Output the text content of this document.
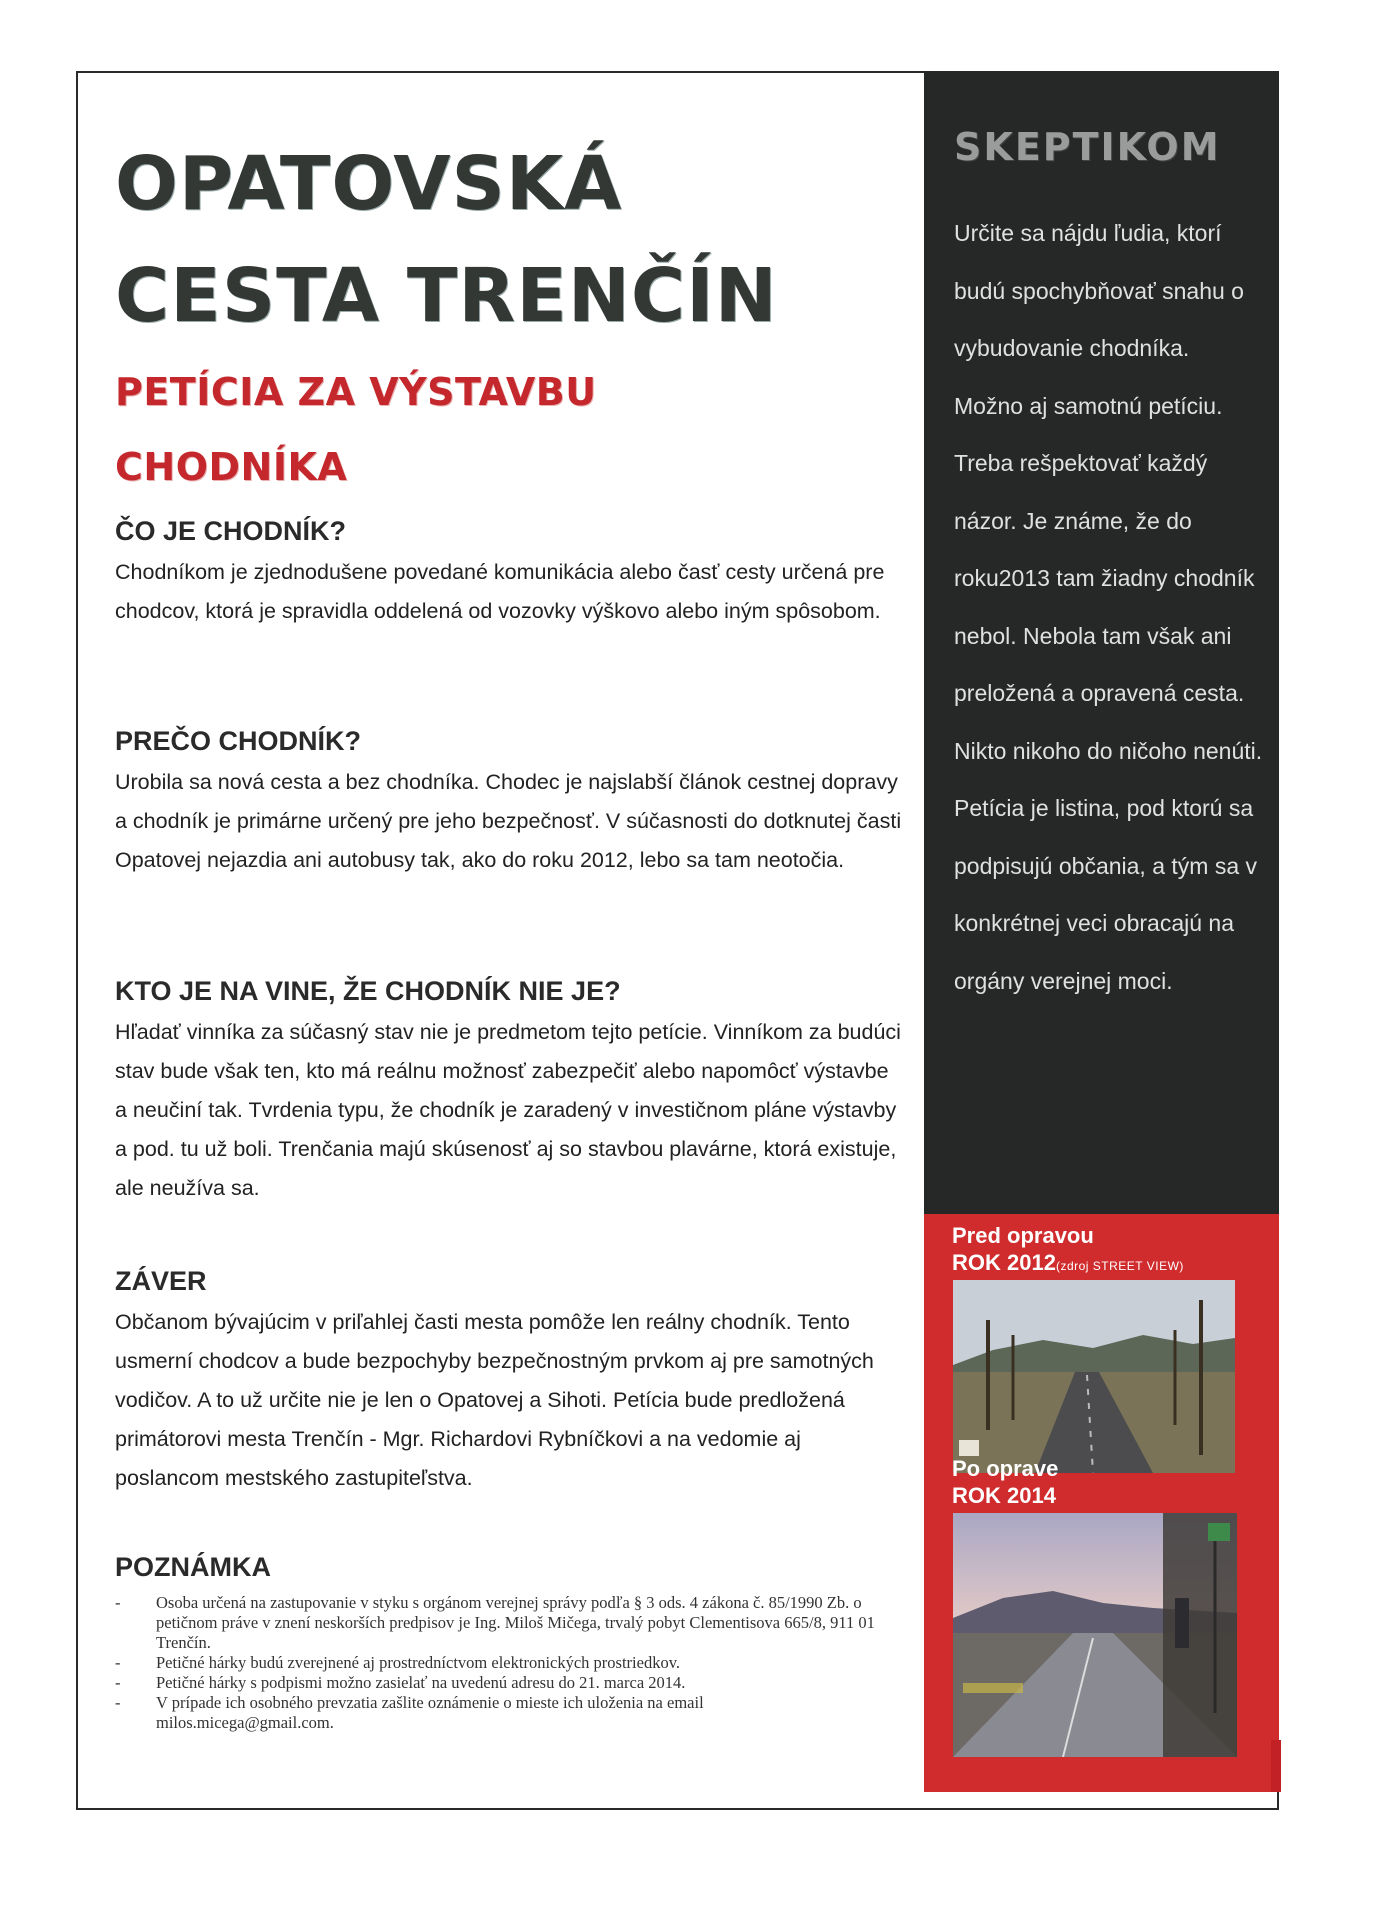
OPATOVSKÁ
CESTA TRENČÍN
PETÍCIA ZA VÝSTAVBU
CHODNÍKA
ČO JE CHODNÍK?

Chodníkom je zjednodušene povedané komunikácia alebo časť cesty určená pre chodcov, ktorá je spravidla oddelená od vozovky výškovo alebo iným spôsobom.

PREČO CHODNÍK?

Urobila sa nová cesta a bez chodníka. Chodec je najslabší článok cestnej dopravy a chodník je primárne určený pre jeho bezpečnosť. V súčasnosti do dotknutej časti Opatovej nejazdia ani autobusy tak, ako do roku 2012, lebo sa tam neotočia.

KTO JE NA VINE, ŽE CHODNÍK NIE JE?

Hľadať vinníka za súčasný stav nie je predmetom tejto petície. Vinníkom za budúci stav bude však ten, kto má reálnu možnosť zabezpečiť alebo napomôcť výstavbe a neučiní tak. Tvrdenia typu, že chodník je zaradený v investičnom pláne výstavby a pod. tu už boli. Trenčania majú skúsenosť aj so stavbou plavárne, ktorá existuje, ale neužíva sa.

ZÁVER

Občanom bývajúcim v priľahlej časti mesta pomôže len reálny chodník. Tento usmerní chodcov a bude bezpochyby bezpečnostným prvkom aj pre samotných vodičov. A to už určite nie je len o Opatovej a Sihoti. Petícia bude predložená primátorovi mesta Trenčín - Mgr. Richardovi Rybníčkovi a na vedomie aj poslancom mestského zastupiteľstva.

POZNÁMKA
- Osoba určená na zastupovanie v styku s orgánom verejnej správy podľa § 3 ods. 4 zákona č. 85/1990 Zb. o petičnom práve v znení neskorších predpisov je Ing. Miloš Mičega, trvalý pobyt Clementisova 665/8, 911 01 Trenčín.
- Petičné hárky budú zverejnené aj prostredníctvom elektronických prostriedkov.
- Petičné hárky s podpismi možno zasielať na uvedenú adresu do 21. marca 2014.
- V prípade ich osobného prevzatia zašlite oznámenie o mieste ich uloženia na email milos.micega@gmail.com.
SKEPTIKOM
Určite sa nájdu ľudia, ktorí budú spochybňovať snahu o vybudovanie chodníka. Možno aj samotnú petíciu. Treba rešpektovať každý názor. Je známe, že do roku2013 tam žiadny chodník nebol. Nebola tam však ani preložená a opravená cesta. Nikto nikoho do ničoho nenúti. Petícia je listina, pod ktorú sa podpisujú občania, a tým sa v konkrétnej veci obracajú na orgány verejnej moci.
Pred opravou
ROK 2012(zdroj STREET VIEW)
Po oprave
ROK 2014
